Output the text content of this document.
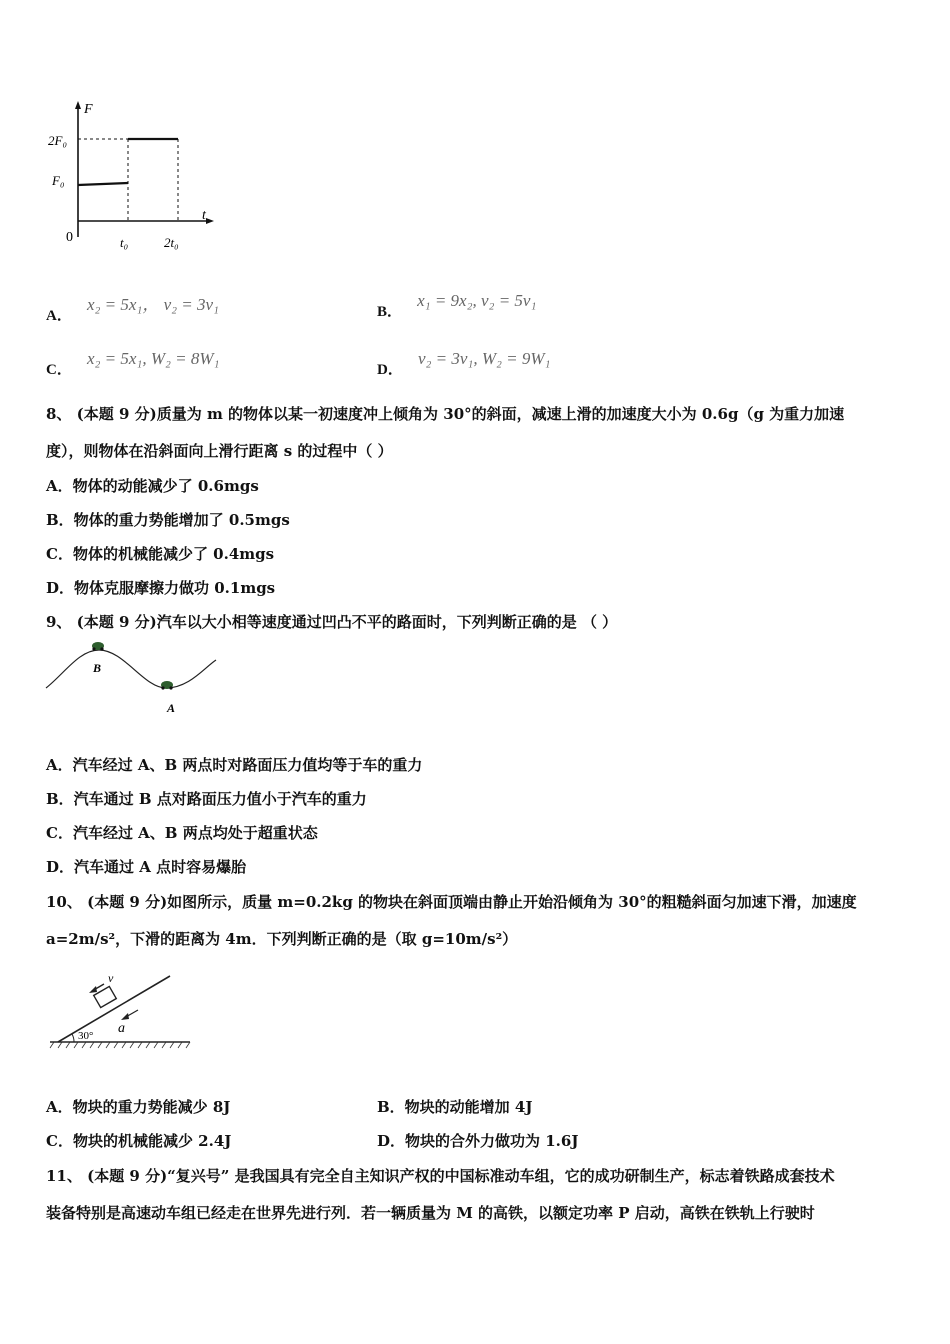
F
t
0
2F₀
F₀
t₀	2t₀
A． x₂ = 5x₁， v₂ = 3v₁	B． x₁ = 9x₂, v₂ = 5v₁
C． x₂ = 5x₁, W₂ = 8W₁
D． v₂ = 3v₁, W₂ = 9W₁
8、 (本题 9 分)质量为 m 的物体以某一初速度冲上倾角为 30°的斜面，减速上滑的加速度大小为 0.6g（g 为重力加速
度），则物体在沿斜面向上滑行距离 s 的过程中（ ）
A．物体的动能减少了 0.6mgs
B．物体的重力势能增加了 0.5mgs
C．物体的机械能减少了 0.4mgs
D．物体克服摩擦力做功 0.1mgs
9、 (本题 9 分)汽车以大小相等速度通过凹凸不平的路面时，下列判断正确的是 （ ）
B
A
A．汽车经过 A、B 两点时对路面压力值均等于车的重力
B．汽车通过 B 点对路面压力值小于汽车的重力
C．汽车经过 A、B 两点均处于超重状态
D．汽车通过 A 点时容易爆胎
10、 (本题 9 分)如图所示，质量 m=0.2kg 的物块在斜面顶端由静止开始沿倾角为 30°的粗糙斜面匀加速下滑，加速度
a=2m/s²，下滑的距离为 4m．下列判断正确的是（取 g=10m/s²）
v
a
30°
A．物块的重力势能减少 8J	B．物块的动能增加 4J
C．物块的机械能减少 2.4J	D．物块的合外力做功为 1.6J
11、 (本题 9 分)“复兴号” 是我国具有完全自主知识产权的中国标准动车组，它的成功研制生产，标志着铁路成套技术
装备特别是高速动车组已经走在世界先进行列．若一辆质量为 M 的高铁，以额定功率 P 启动，高铁在铁轨上行驶时
